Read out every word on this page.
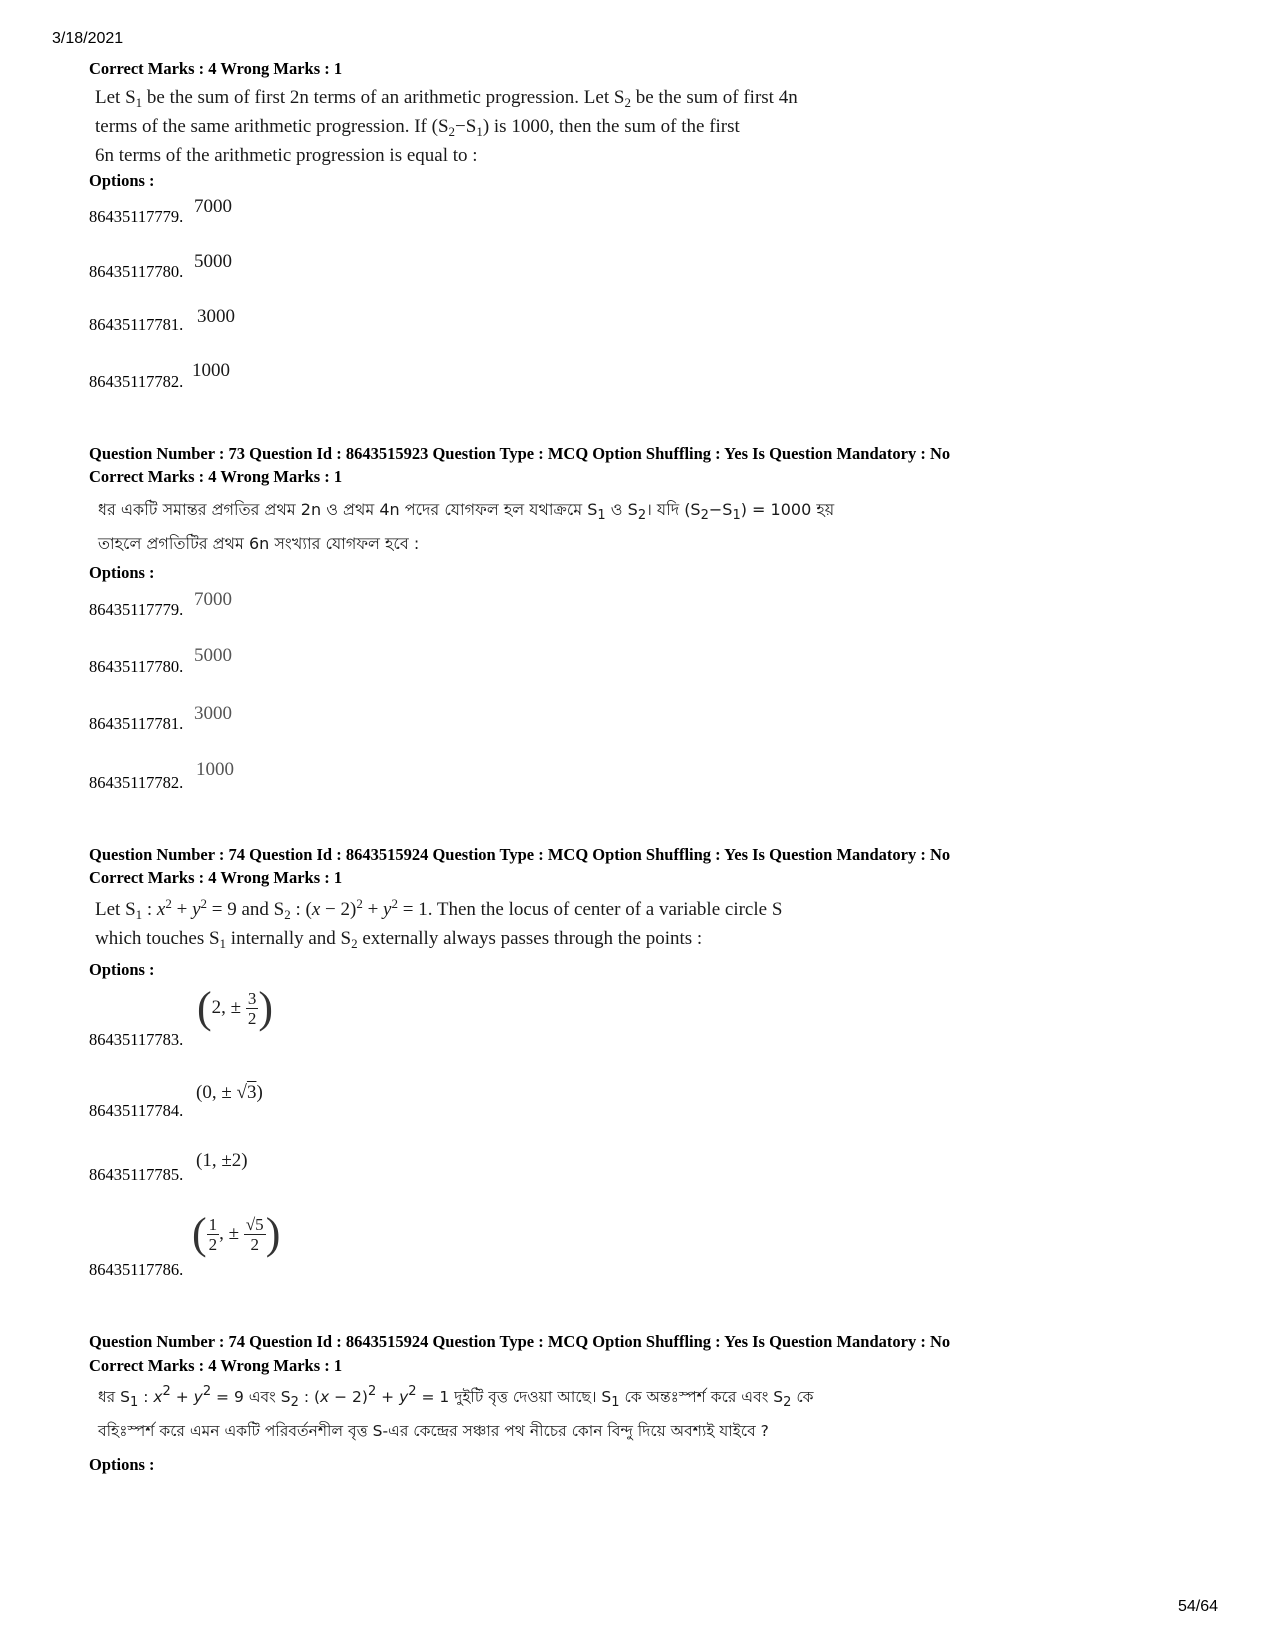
3/18/2021
Correct Marks : 4 Wrong Marks : 1
Let $S_1$ be the sum of first 2n terms of an arithmetic progression. Let $S_2$ be the sum of first 4n
terms of the same arithmetic progression. If $(S_2-S_1)$ is 1000, then the sum of the first
6n terms of the arithmetic progression is equal to :
Options :
86435117779. 7000
86435117780. 5000
86435117781. 3000
86435117782.
1000
Question Number : 73 Question Id : 8643515923 Question Type : MCQ Option Shuffling : Yes Is Question Mandatory : No
Correct Marks : 4 Wrong Marks : 1
ধর একটি সমান্তর প্রগতির প্রথম 2n ও প্রথম 4n পদের যোগফল হল যথাক্রমে $S_1$ ও $S_2।$ যদি $(S_2-S_1) = 1000$ হয়
তাহলে প্রগতিটির প্রথম 6n সংখ্যার যোগফল হবে :
Options :
86435117779. 7000
86435117780.
5000
86435117781. 3000
86435117782.
1000
Question Number : 74 Question Id : 8643515924 Question Type : MCQ Option Shuffling : Yes Is Question Mandatory : No
Correct Marks : 4 Wrong Marks : 1
Let $S_1$ : $x^2 + y^2 = 9$ and $S_2$ : $(x - 2)^2 + y^2 = 1$. Then the locus of center of a variable circle S
which touches $S_1$ internally and $S_2$ externally always passes through the points :
Options :
86435117783.
(2, ± $\frac{3}{2}$ )
86435117784.
(0, ± √3)
86435117785.
(1, ±2)
86435117786.
( $\frac{1}{2}$ , ± $\frac{√5}{2}$ )
Question Number : 74 Question Id : 8643515924 Question Type : MCQ Option Shuffling : Yes Is Question Mandatory : No
Correct Marks : 4 Wrong Marks : 1
ধর $S_1$ : $x^2 + y^2 = 9$ এবং $S_2$ : $(x - 2)^2 + y^2 = 1$ দুইটি বৃত্ত দেওয়া আছে। $S_1$ কে অন্তঃস্পর্শ করে এবং $S_2$ কে
বহিঃস্পর্শ করে এমন একটি পরিবর্তনশীল বৃত্ত S-এর কেন্দ্রের সঞ্চার পথ নীচের কোন বিন্দু দিয়ে অবশ্যই যাইবে ?
Options :
54/64
